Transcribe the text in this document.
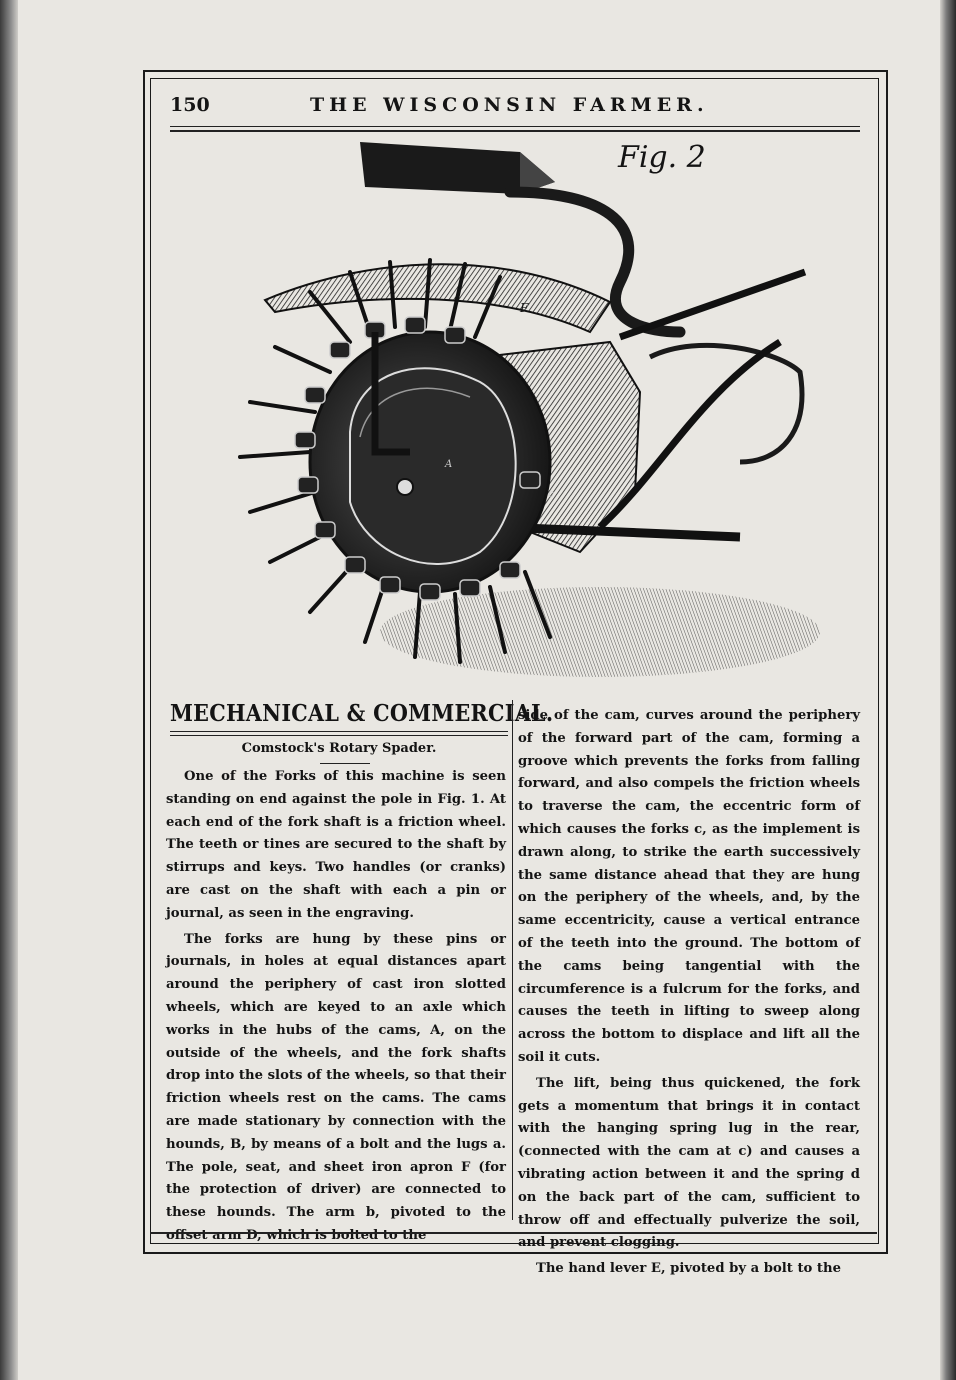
150	THE WISCONSIN FARMER.
F
A
c
Fig. 2
MECHANICAL & COMMERCIAL.
Comstock's Rotary Spader.

One of the Forks of this machine is seen standing on end against the pole in Fig. 1. At each end of the fork shaft is a friction wheel. The teeth or tines are secured to the shaft by stirrups and keys. Two handles (or cranks) are cast on the shaft with each a pin or journal, as seen in the engraving.

The forks are hung by these pins or journals, in holes at equal distances apart around the periphery of cast iron slotted wheels, which are keyed to an axle which works in the hubs of the cams, A, on the outside of the wheels, and the fork shafts drop into the slots of the wheels, so that their friction wheels rest on the cams. The cams are made stationary by connection with the hounds, B, by means of a bolt and the lugs a. The pole, seat, and sheet iron apron F (for the protection of driver) are connected to these hounds. The arm b, pivoted to the offset arm D, which is bolted to the

side of the cam, curves around the periphery of the forward part of the cam, forming a groove which prevents the forks from falling forward, and also compels the friction wheels to traverse the cam, the eccentric form of which causes the forks c, as the implement is drawn along, to strike the earth successively the same distance ahead that they are hung on the periphery of the wheels, and, by the same eccentricity, cause a vertical entrance of the teeth into the ground. The bottom of the cams being tangential with the circumference is a fulcrum for the forks, and causes the teeth in lifting to sweep along across the bottom to displace and lift all the soil it cuts.

The lift, being thus quickened, the fork gets a momentum that brings it in contact with the hanging spring lug in the rear, (connected with the cam at c) and causes a vibrating action between it and the spring d on the back part of the cam, sufficient to throw off and effectually pulverize the soil, and prevent clogging.

The hand lever E, pivoted by a bolt to the
